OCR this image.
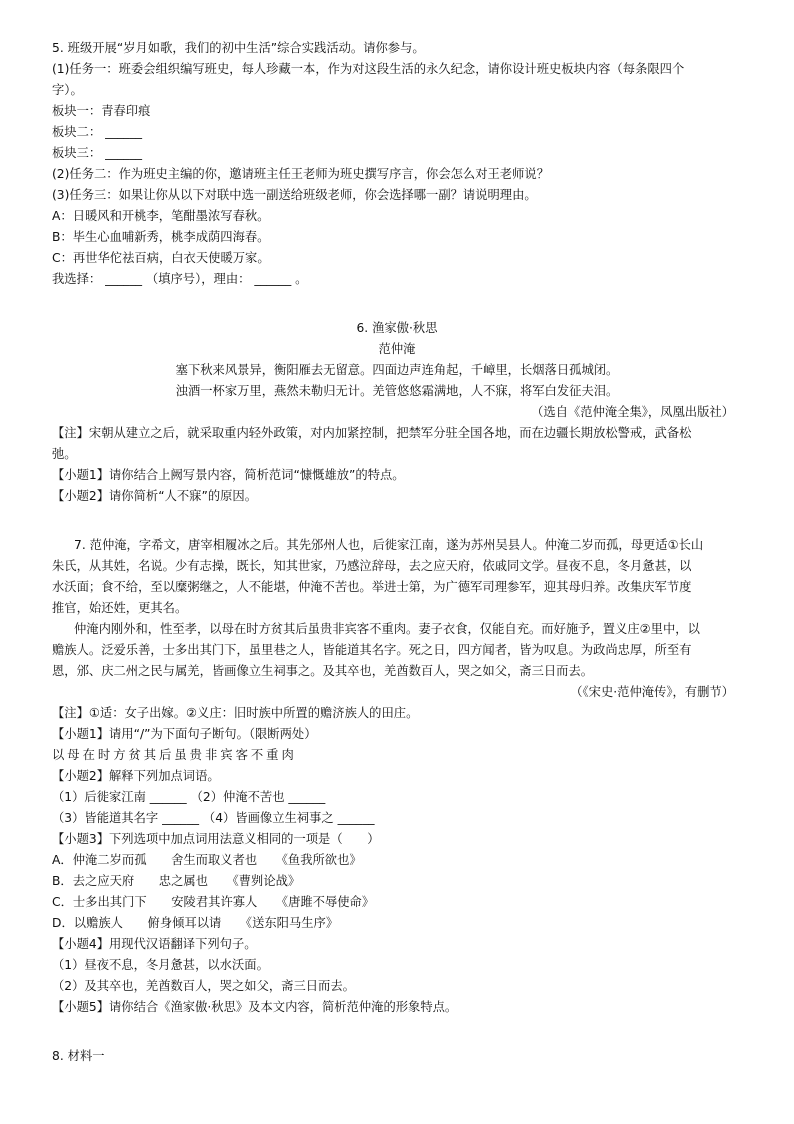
5. 班级开展“岁月如歌，我们的初中生活”综合实践活动。请你参与。
(1)任务一：班委会组织编写班史，每人珍藏一本，作为对这段生活的永久纪念，请你设计班史板块内容（每条限四个
字）。
板块一：青春印痕
板块二： ______
板块三： ______
(2)任务二：作为班史主编的你，邀请班主任王老师为班史撰写序言，你会怎么对王老师说？
(3)任务三：如果让你从以下对联中选一副送给班级老师，你会选择哪一副？请说明理由。
A：日暖风和开桃李，笔酣墨浓写春秋。
B：毕生心血哺新秀，桃李成荫四海春。
C：再世华佗祛百病，白衣天使暖万家。
我选择： ______ （填序号），理由： ______ 。
6. 渔家傲·秋思
范仲淹
塞下秋来风景异，衡阳雁去无留意。四面边声连角起，千嶂里，长烟落日孤城闭。
浊酒一杯家万里，燕然未勒归无计。羌管悠悠霜满地，人不寐，将军白发征夫泪。
（选自《范仲淹全集》，凤凰出版社）
【注】宋朝从建立之后，就采取重内轻外政策，对内加紧控制，把禁军分驻全国各地，而在边疆长期放松警戒，武备松
弛。
【小题1】请你结合上阙写景内容，简析范词“慷慨雄放”的特点。
【小题2】请你简析“人不寐”的原因。
7. 范仲淹，字希文，唐宰相履冰之后。其先邠州人也，后徙家江南，遂为苏州吴县人。仲淹二岁而孤，母更适①长山
朱氏，从其姓，名说。少有志操，既长，知其世家，乃感泣辞母，去之应天府，依戚同文学。昼夜不息，冬月惫甚，以
水沃面；食不给，至以糜粥继之，人不能堪，仲淹不苦也。举进士第，为广德军司理参军，迎其母归养。改集庆军节度
推官，始还姓，更其名。
仲淹内刚外和，性至孝，以母在时方贫其后虽贵非宾客不重肉。妻子衣食，仅能自充。而好施予，置义庄②里中，以
赡族人。泛爱乐善，士多出其门下，虽里巷之人，皆能道其名字。死之日，四方闻者，皆为叹息。为政尚忠厚，所至有
恩，邠、庆二州之民与属羌，皆画像立生祠事之。及其卒也，羌酋数百人，哭之如父，斋三日而去。
（《宋史·范仲淹传》，有删节）
【注】①适：女子出嫁。②义庄：旧时族中所置的赡济族人的田庄。
【小题1】请用“/”为下面句子断句。（限断两处）
以母在时方贫其后虽贵非宾客不重肉
【小题2】解释下列加点词语。
（1）后徙家江南 ______ （2）仲淹不苦也 ______
（3）皆能道其名字 ______ （4）皆画像立生祠事之 ______
【小题3】下列选项中加点词用法意义相同的一项是（　　）
A．仲淹二岁而孤　　舍生而取义者也　　《鱼我所欲也》
B．去之应天府　　忠之属也　　《曹刿论战》
C．士多出其门下　　安陵君其许寡人　　《唐雎不辱使命》
D．以赡族人　　俯身倾耳以请　　《送东阳马生序》
【小题4】用现代汉语翻译下列句子。
（1）昼夜不息，冬月惫甚，以水沃面。
（2）及其卒也，羌酋数百人，哭之如父，斋三日而去。
【小题5】请你结合《渔家傲·秋思》及本文内容，简析范仲淹的形象特点。
8. 材料一
